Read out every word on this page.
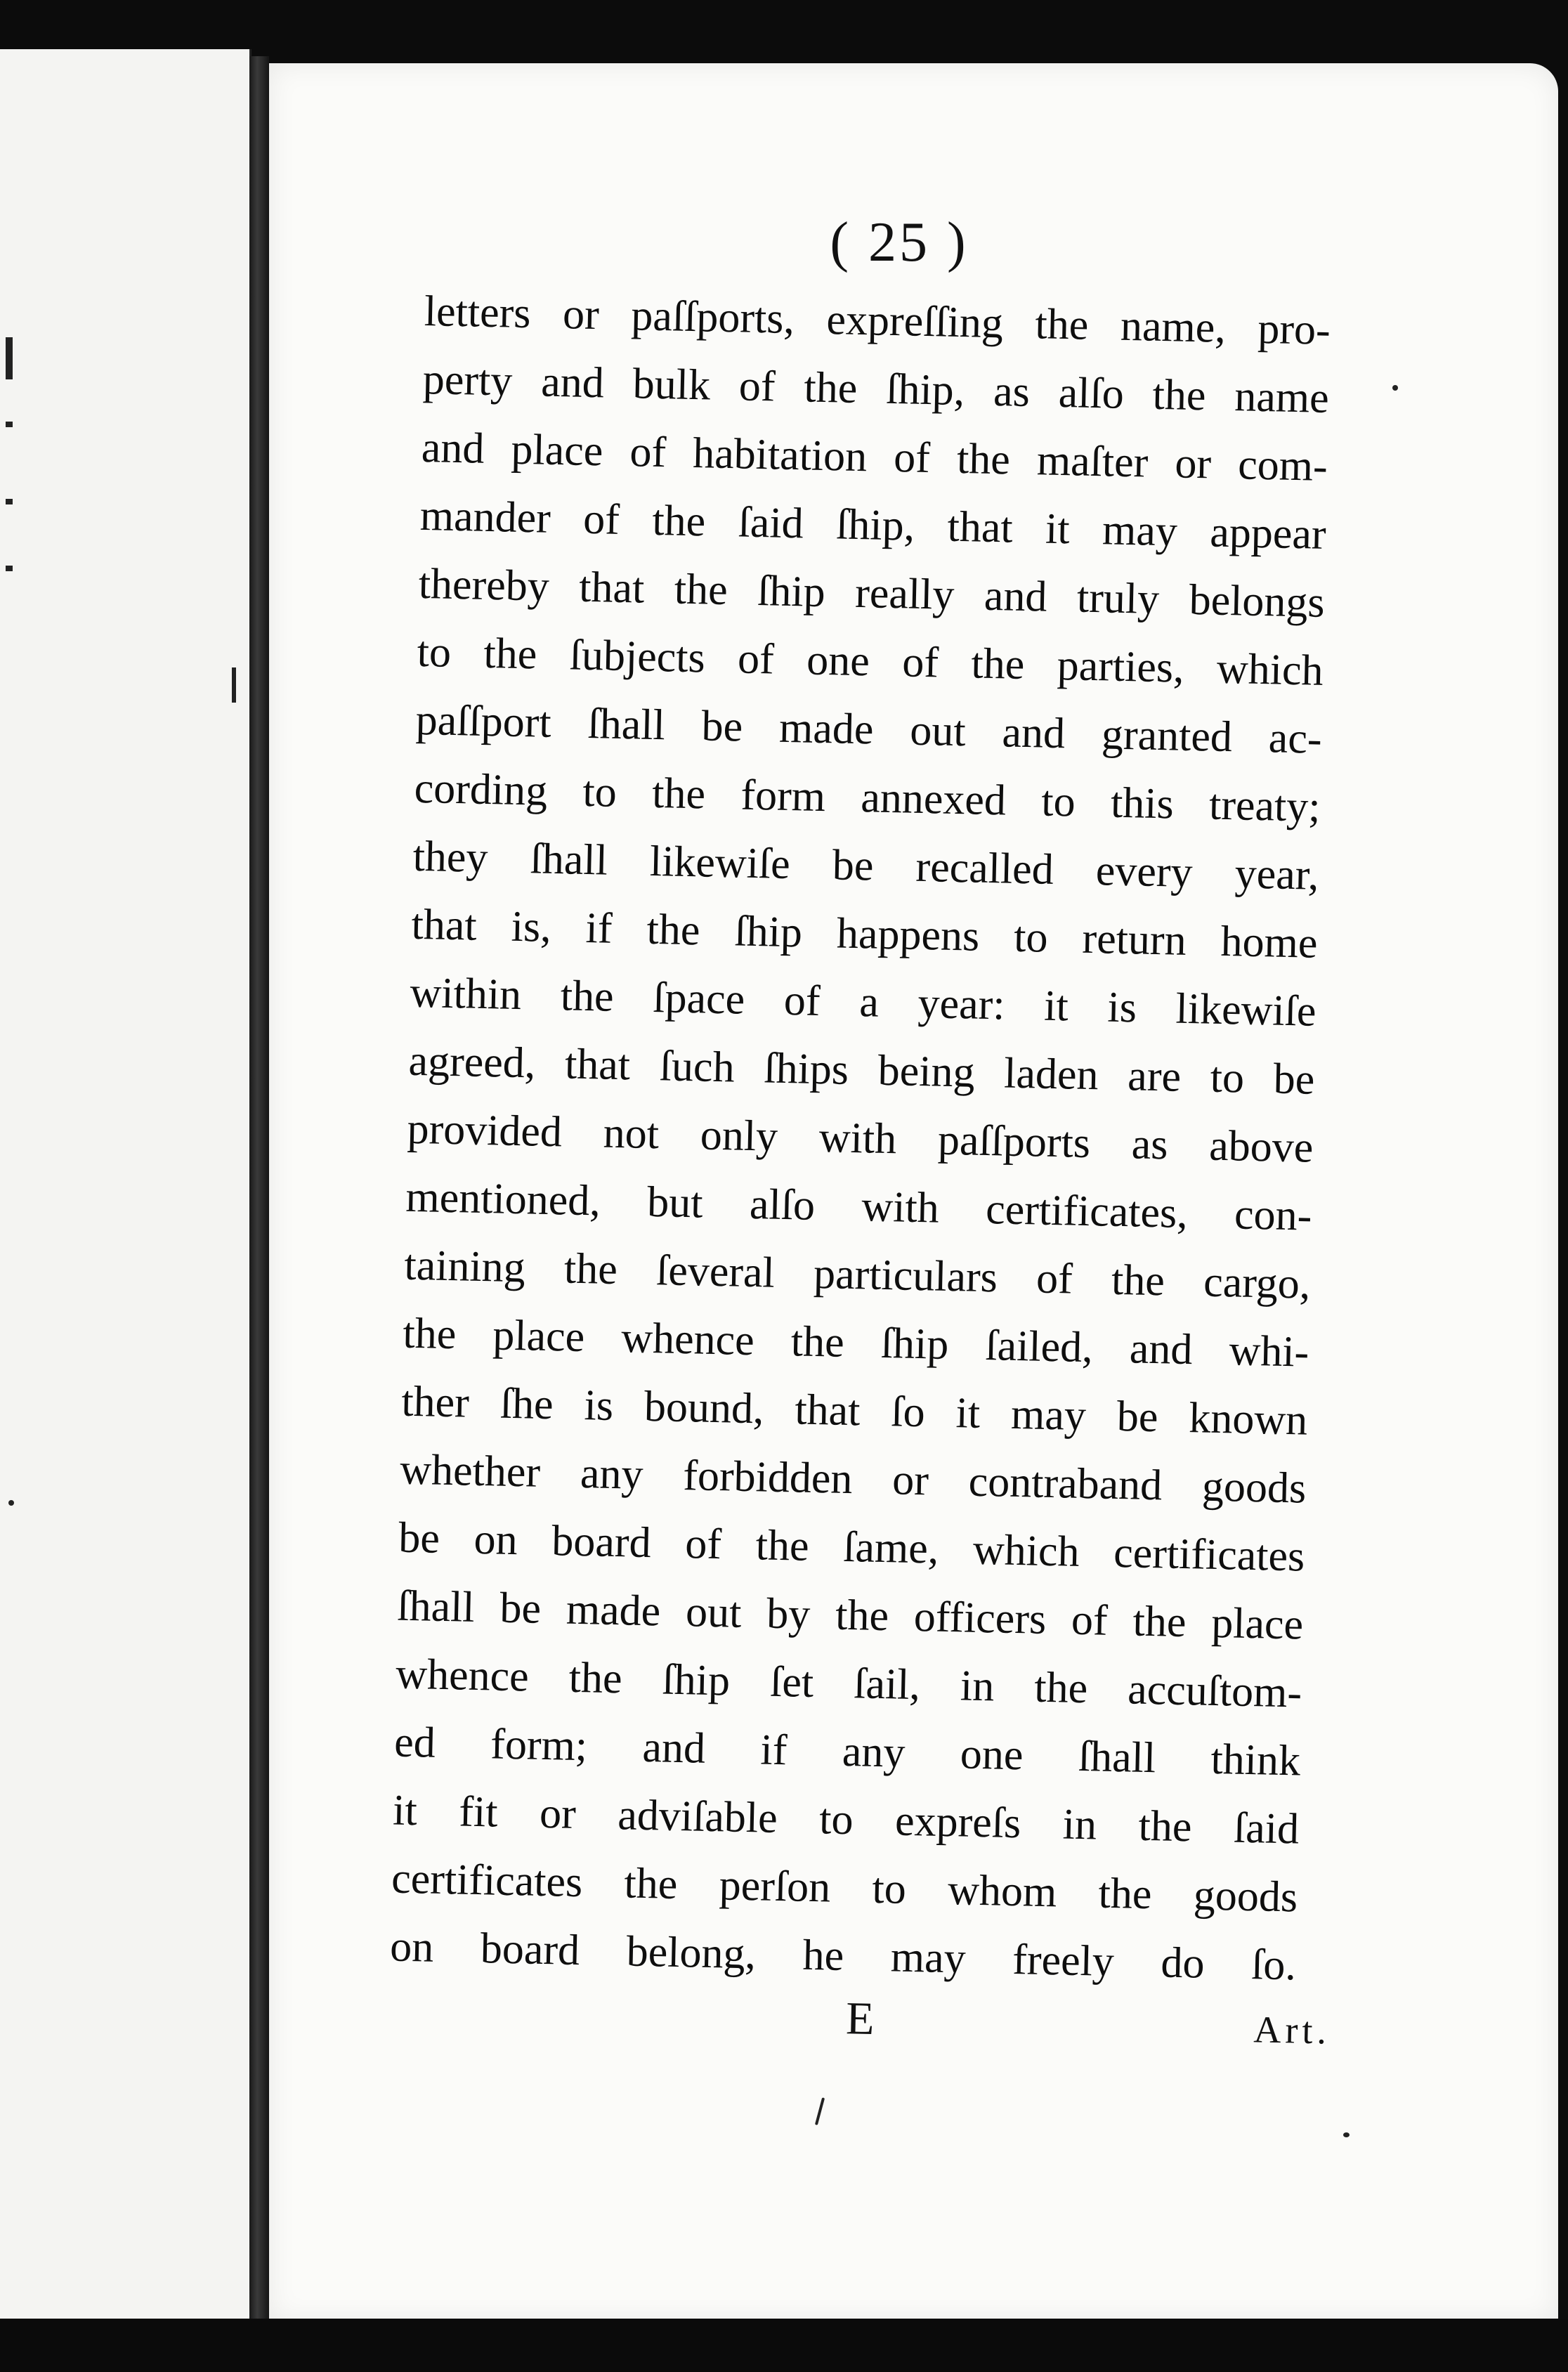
( 25 )
letters or paſſports, expreſſing the name, pro-
perty and bulk of the ſhip, as alſo the name
and place of habitation of the maſter or com-
mander of the ſaid ſhip, that it may appear
thereby that the ſhip really and truly belongs
to the ſubjects of one of the parties, which
paſſport ſhall be made out and granted ac-
cording to the form annexed to this treaty;
they ſhall likewiſe be recalled every year,
that is, if the ſhip happens to return home
within the ſpace of a year: it is likewiſe
agreed, that ſuch ſhips being laden are to be
provided not only with paſſports as above
mentioned, but alſo with certificates, con-
taining the ſeveral particulars of the cargo,
the place whence the ſhip ſailed, and whi-
ther ſhe is bound, that ſo it may be known
whether any forbidden or contraband goods
be on board of the ſame, which certificates
ſhall be made out by the officers of the place
whence the ſhip ſet ſail, in the accuſtom-
ed form; and if any one ſhall think
it fit or adviſable to expreſs in the ſaid
certificates the perſon to whom the goods
on board belong, he may freely do ſo.
E	Art.
